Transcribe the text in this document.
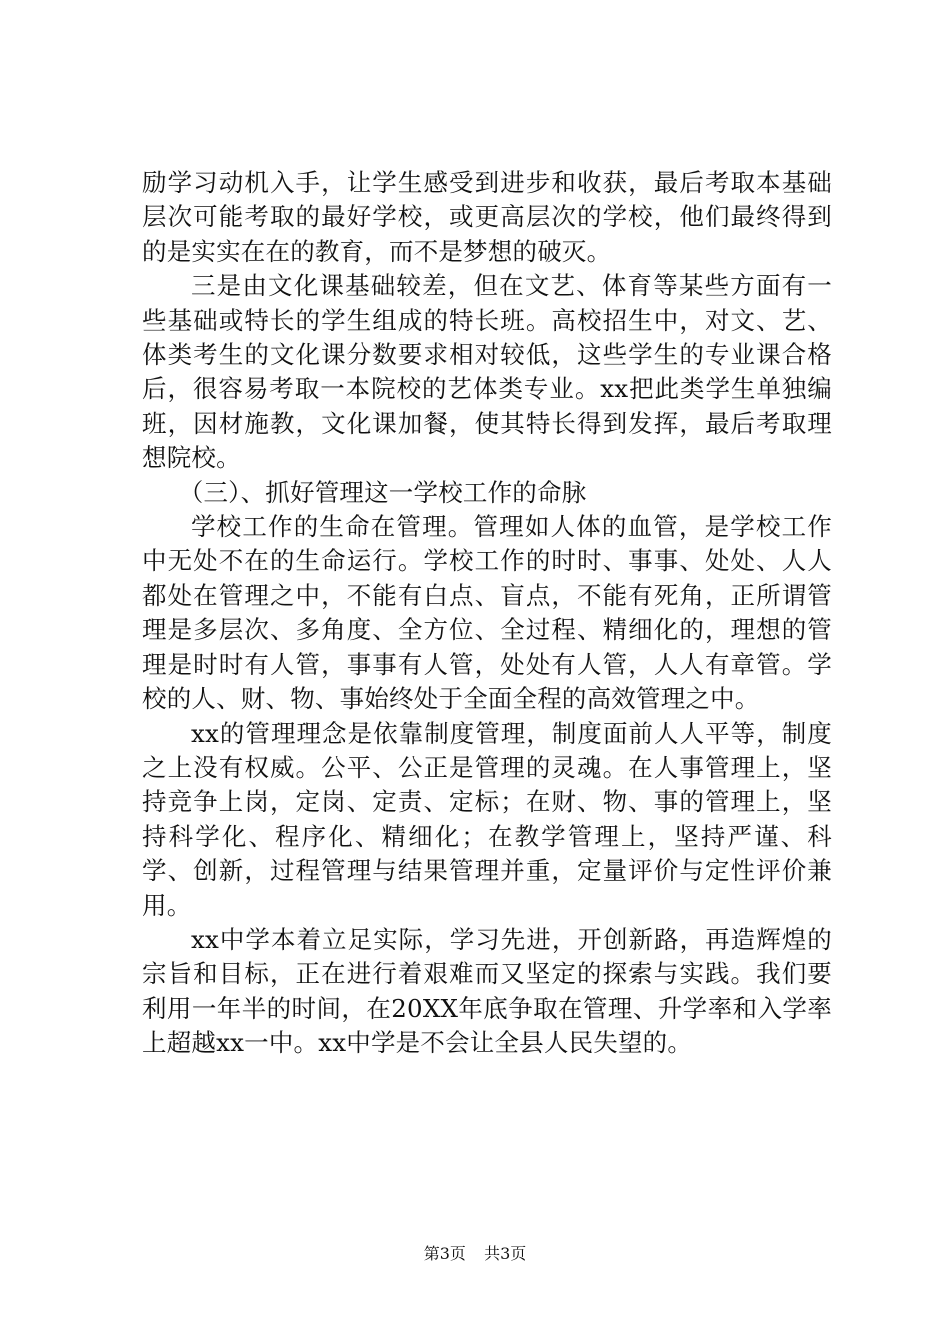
励学习动机入手，让学生感受到进步和收获，最后考取本基础层次可能考取的最好学校，或更高层次的学校，他们最终得到的是实实在在的教育，而不是梦想的破灭。

三是由文化课基础较差，但在文艺、体育等某些方面有一些基础或特长的学生组成的特长班。高校招生中，对文、艺、体类考生的文化课分数要求相对较低，这些学生的专业课合格后，很容易考取一本院校的艺体类专业。xx把此类学生单独编班，因材施教，文化课加餐，使其特长得到发挥，最后考取理想院校。

（三）、抓好管理这一学校工作的命脉

学校工作的生命在管理。管理如人体的血管，是学校工作中无处不在的生命运行。学校工作的时时、事事、处处、人人都处在管理之中，不能有白点、盲点，不能有死角，正所谓管理是多层次、多角度、全方位、全过程、精细化的，理想的管理是时时有人管，事事有人管，处处有人管，人人有章管。学校的人、财、物、事始终处于全面全程的高效管理之中。

xx的管理理念是依靠制度管理，制度面前人人平等，制度之上没有权威。公平、公正是管理的灵魂。在人事管理上，坚持竞争上岗，定岗、定责、定标；在财、物、事的管理上，坚持科学化、程序化、精细化；在教学管理上，坚持严谨、科学、创新，过程管理与结果管理并重，定量评价与定性评价兼用。

xx中学本着立足实际，学习先进，开创新路，再造辉煌的宗旨和目标，正在进行着艰难而又坚定的探索与实践。我们要利用一年半的时间，在20XX年底争取在管理、升学率和入学率上超越xx一中。xx中学是不会让全县人民失望的。

第3页 共3页
